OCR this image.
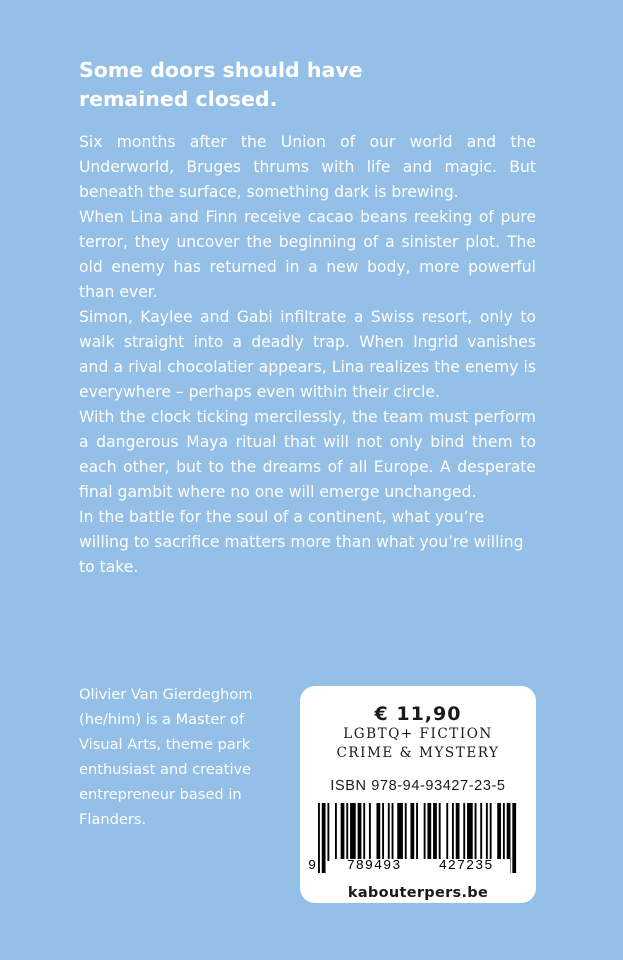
Some doors should have remained closed.

Six months after the Union of our world and the Underworld, Bruges thrums with life and magic. But beneath the surface, something dark is brewing.

When Lina and Finn receive cacao beans reeking of pure terror, they uncover the beginning of a sinister plot. The old enemy has returned in a new body, more powerful than ever.

Simon, Kaylee and Gabi infiltrate a Swiss resort, only to walk straight into a deadly trap. When Ingrid vanishes and a rival chocolatier appears, Lina realizes the enemy is everywhere – perhaps even within their circle.

With the clock ticking mercilessly, the team must perform a dangerous Maya ritual that will not only bind them to each other, but to the dreams of all Europe. A desperate final gambit where no one will emerge unchanged.

In the battle for the soul of a continent, what you’re willing to sacrifice matters more than what you’re willing to take.

Olivier Van Gierdeghom (he/him) is a Master of Visual Arts, theme park enthusiast and creative entrepreneur based in Flanders.
€ 11,90
LGBTQ+ FICTION
CRIME & MYSTERY
ISBN 978-94-93427-23-5
9	789493	427235
kabouterpers.be
